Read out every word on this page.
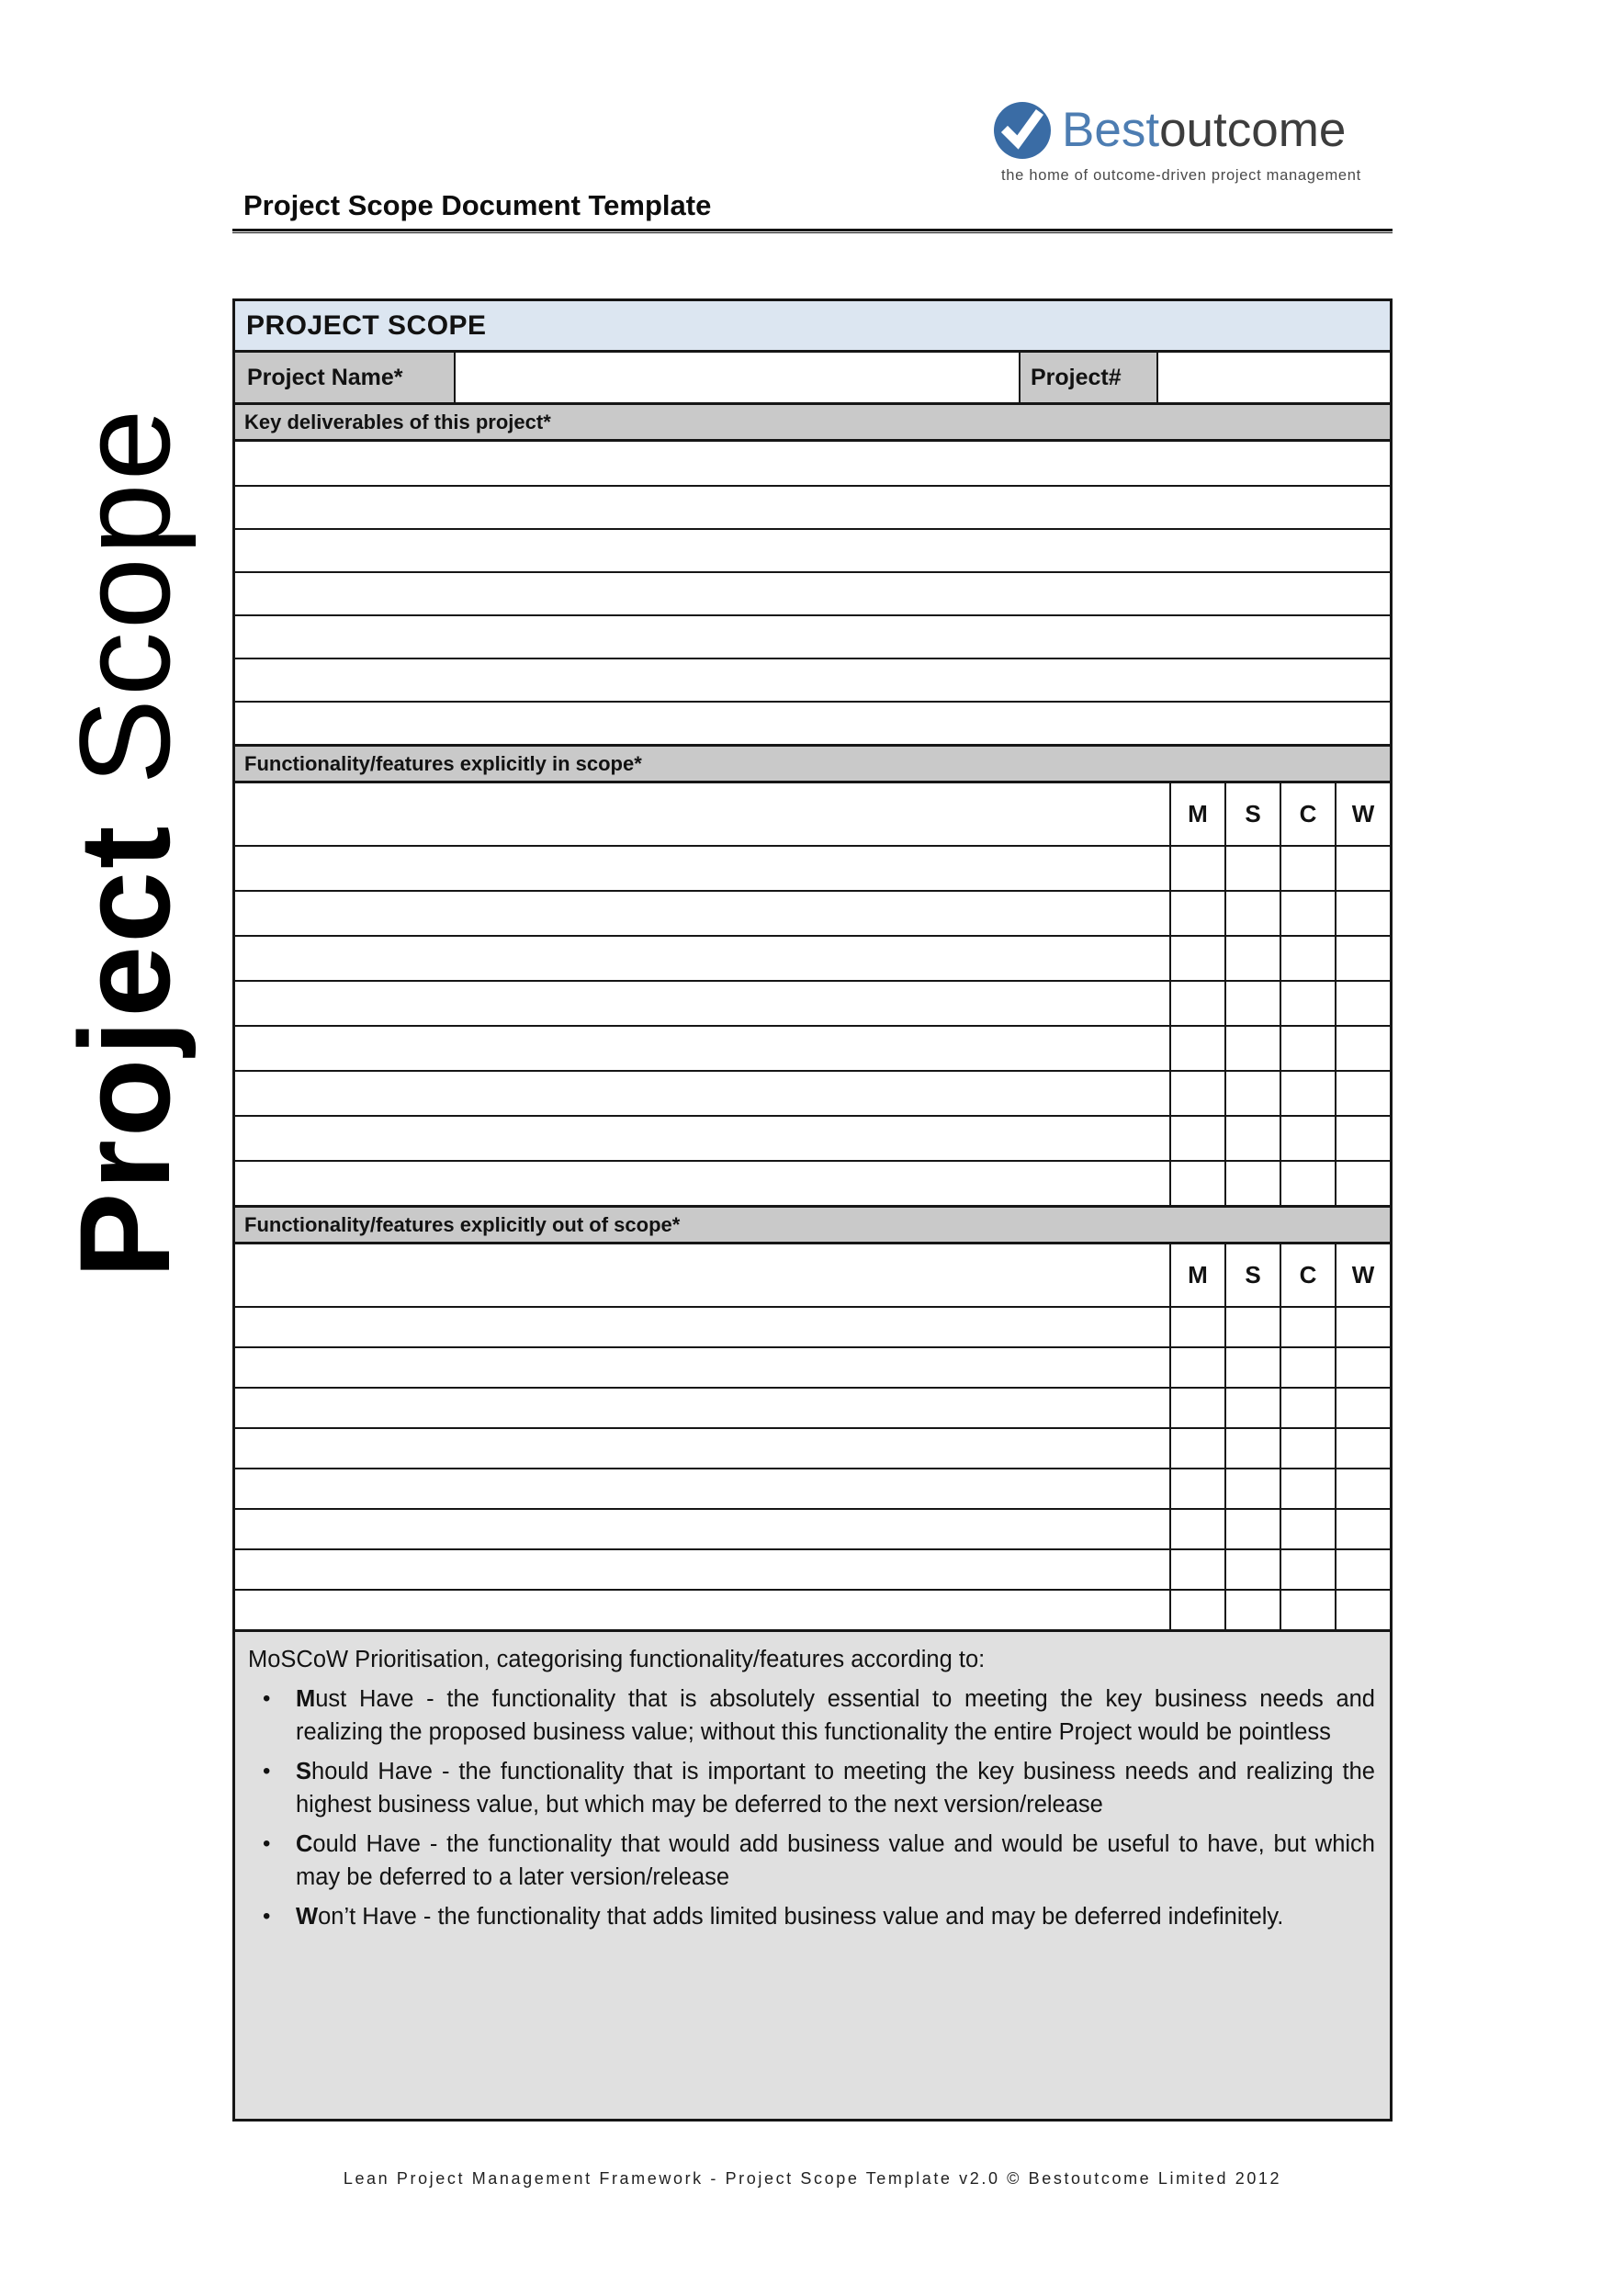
Best outcome
the home of outcome-driven project management
Project Scope Document Template
Project Scope
PROJECT SCOPE
Project Name*	Project#
Key deliverables of this project*
Functionality/features explicitly in scope*
M	S	C	W
Functionality/features explicitly out of scope*
M	S	C	W
MoSCoW Prioritisation, categorising functionality/features according to:
•	Must Have - the functionality that is absolutely essential to meeting the key business needs and realizing the proposed business value; without this functionality the entire Project would be pointless
•	Should Have - the functionality that is important to meeting the key business needs and realizing the highest business value, but which may be deferred to the next version/release
•	Could Have - the functionality that would add business value and would be useful to have, but which may be deferred to a later version/release
•	Won’t Have - the functionality that adds limited business value and may be deferred indefinitely.
Lean Project Management Framework - Project Scope Template v2.0 © Bestoutcome Limited 2012
